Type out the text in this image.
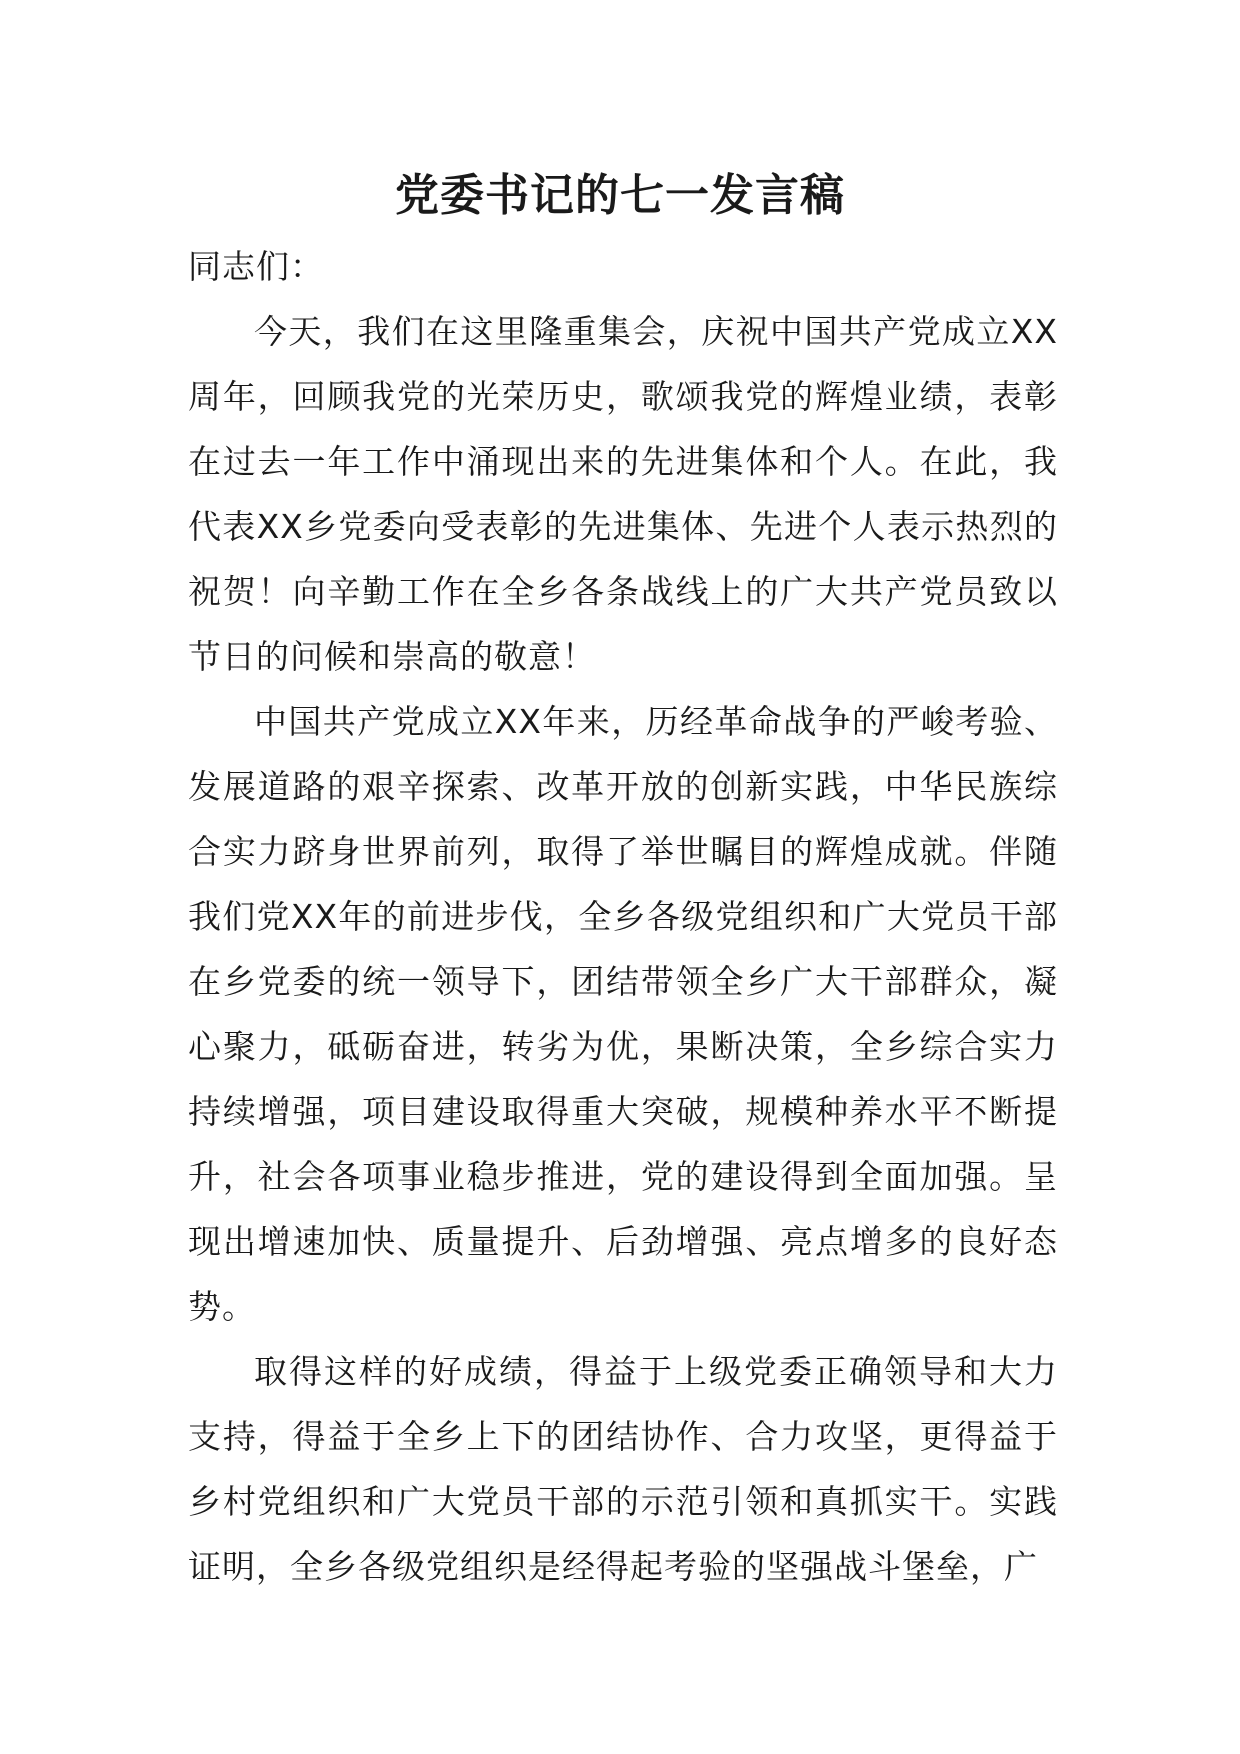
党委书记的七一发言稿

同志们：

今天，我们在这里隆重集会，庆祝中国共产党成立XX周年，回顾我党的光荣历史，歌颂我党的辉煌业绩，表彰在过去一年工作中涌现出来的先进集体和个人。在此，我代表XX乡党委向受表彰的先进集体、先进个人表示热烈的祝贺！向辛勤工作在全乡各条战线上的广大共产党员致以节日的问候和崇高的敬意！

中国共产党成立XX年来，历经革命战争的严峻考验、发展道路的艰辛探索、改革开放的创新实践，中华民族综合实力跻身世界前列，取得了举世瞩目的辉煌成就。伴随我们党XX年的前进步伐，全乡各级党组织和广大党员干部在乡党委的统一领导下，团结带领全乡广大干部群众，凝心聚力，砥砺奋进，转劣为优，果断决策，全乡综合实力持续增强，项目建设取得重大突破，规模种养水平不断提升，社会各项事业稳步推进，党的建设得到全面加强。呈现出增速加快、质量提升、后劲增强、亮点增多的良好态势。

取得这样的好成绩，得益于上级党委正确领导和大力支持，得益于全乡上下的团结协作、合力攻坚，更得益于乡村党组织和广大党员干部的示范引领和真抓实干。实践证明，全乡各级党组织是经得起考验的坚强战斗堡垒，广
